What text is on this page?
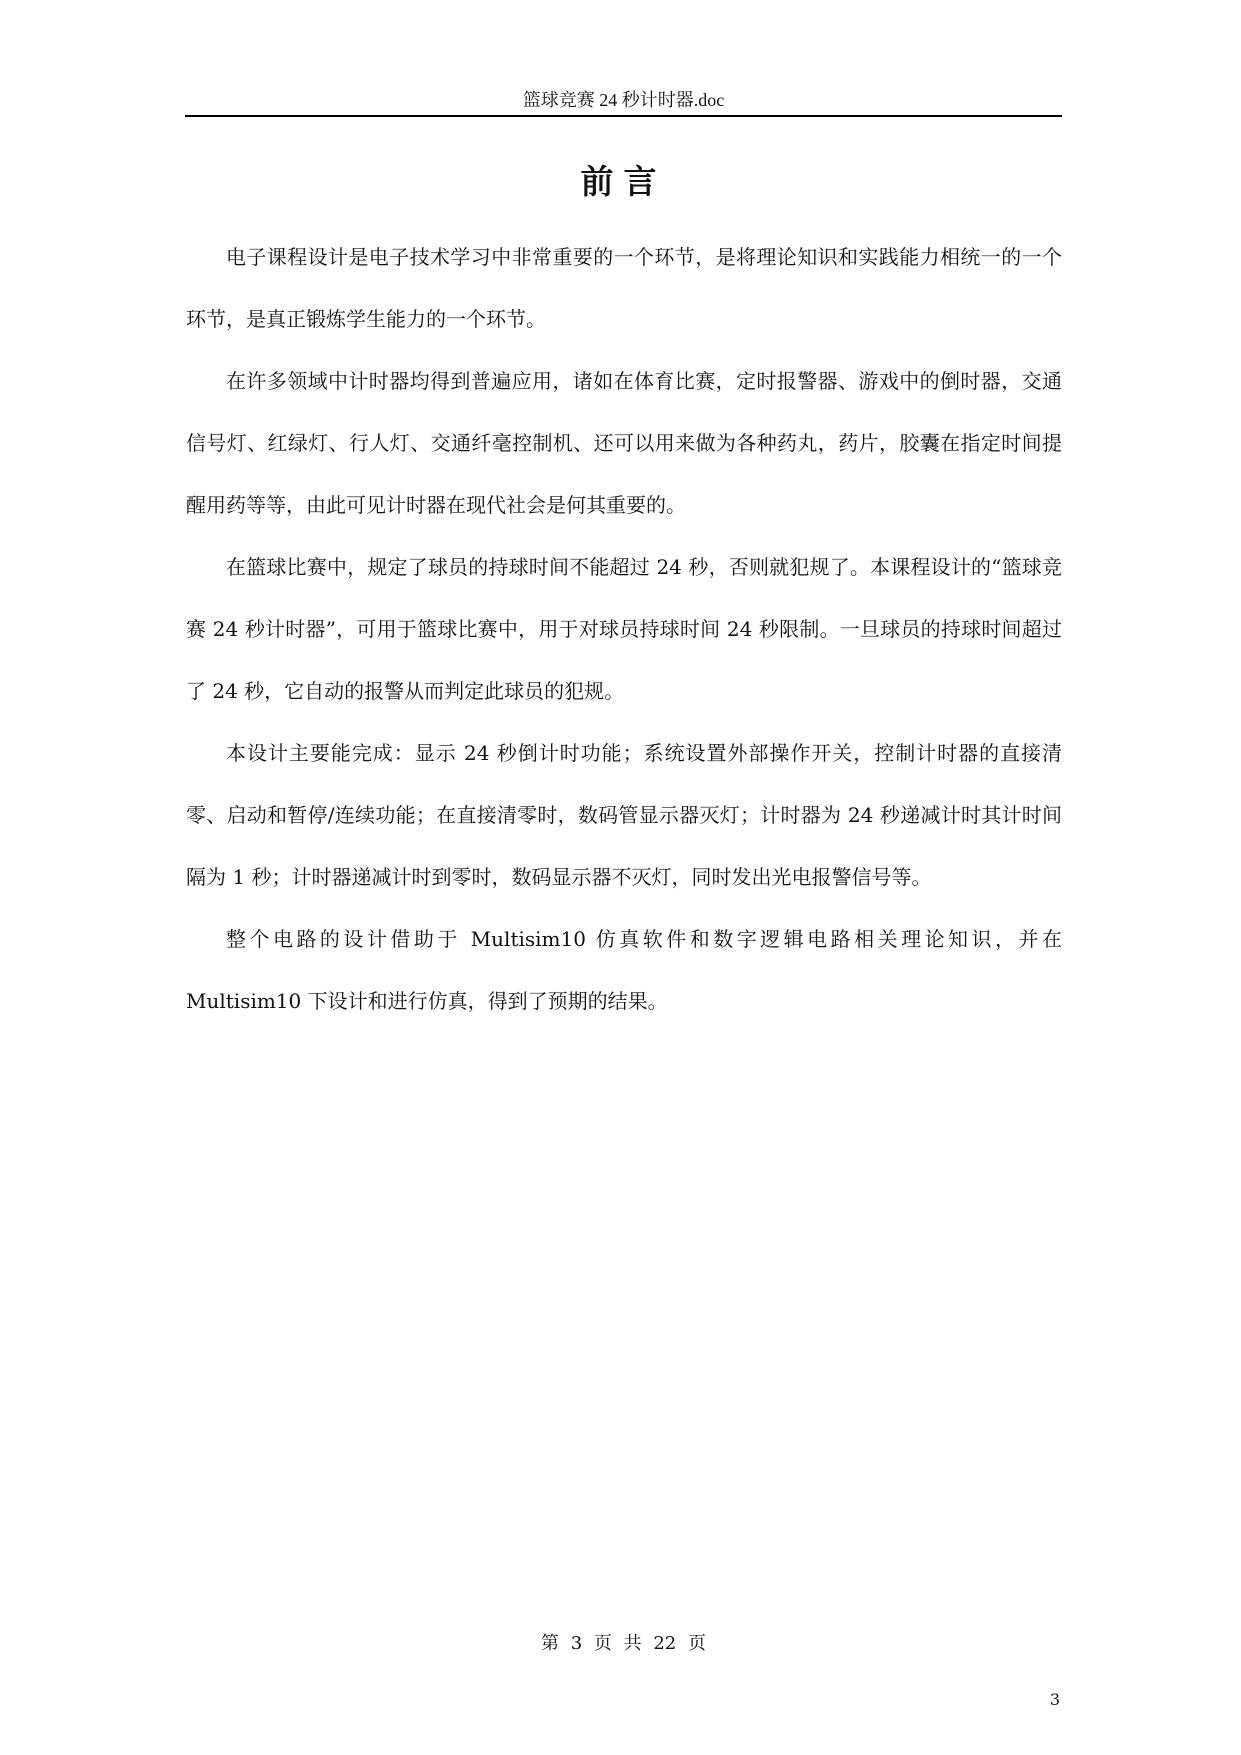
篮球竞赛 24 秒计时器.doc
前言

电子课程设计是电子技术学习中非常重要的一个环节，是将理论知识和实践能力相统一的一个环节，是真正锻炼学生能力的一个环节。

在许多领域中计时器均得到普遍应用，诸如在体育比赛，定时报警器、游戏中的倒时器，交通信号灯、红绿灯、行人灯、交通纤毫控制机、还可以用来做为各种药丸，药片，胶囊在指定时间提醒用药等等，由此可见计时器在现代社会是何其重要的。

在篮球比赛中，规定了球员的持球时间不能超过 24 秒，否则就犯规了。本课程设计的“篮球竞赛 24 秒计时器”，可用于篮球比赛中，用于对球员持球时间 24 秒限制。一旦球员的持球时间超过了 24 秒，它自动的报警从而判定此球员的犯规。

本设计主要能完成：显示 24 秒倒计时功能；系统设置外部操作开关，控制计时器的直接清零、启动和暂停/连续功能；在直接清零时，数码管显示器灭灯；计时器为 24 秒递减计时其计时间隔为 1 秒；计时器递减计时到零时，数码显示器不灭灯，同时发出光电报警信号等。

整个电路的设计借助于 Multisim10 仿真软件和数字逻辑电路相关理论知识，并在 Multisim10 下设计和进行仿真，得到了预期的结果。

第 3 页 共 22 页
3
